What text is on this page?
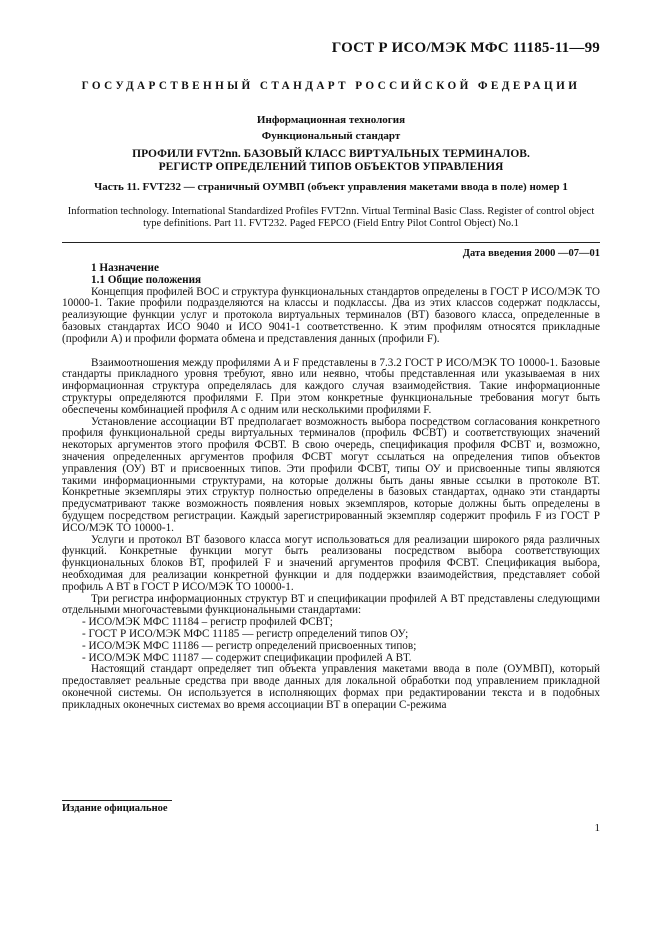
ГОСТ Р ИСО/МЭК МФС 11185-11—99
ГОСУДАРСТВЕННЫЙ СТАНДАРТ РОССИЙСКОЙ ФЕДЕРАЦИИ
Информационная технология
Функциональный стандарт
ПРОФИЛИ FVT2nn. БАЗОВЫЙ КЛАСС ВИРТУАЛЬНЫХ ТЕРМИНАЛОВ.
РЕГИСТР ОПРЕДЕЛЕНИЙ ТИПОВ ОБЪЕКТОВ УПРАВЛЕНИЯ
Часть 11. FVT232 — страничный ОУМВП (объект управления макетами ввода в поле) номер 1
Information technology. International Standardized Profiles FVT2nn. Virtual Terminal Basic Class. Register of control object type definitions. Part 11. FVT232. Paged FEPCO (Field Entry Pilot Control Object) No.1
Дата введения 2000 —07—01

1 Назначение

1.1 Общие положения

Концепция профилей ВОС и структура функциональных стандартов определены в ГОСТ Р ИСО/МЭК ТО 10000-1. Такие профили подразделяются на классы и подклассы. Два из этих классов содержат подклассы, реализующие функции услуг и протокола виртуальных терминалов (ВТ) базового класса, определенные в базовых стандартах ИСО 9040 и ИСО 9041-1 соответственно. К этим профилям относятся прикладные (профили A) и профили формата обмена и представления данных (профили F).

Взаимоотношения между профилями A и F представлены в 7.3.2 ГОСТ Р ИСО/МЭК ТО 10000-1. Базовые стандарты прикладного уровня требуют, явно или неявно, чтобы представленная или указываемая в них информационная структура определялась для каждого случая взаимодействия. Такие информационные структуры определяются профилями F. При этом конкретные функциональные требования могут быть обеспечены комбинацией профиля A с одним или несколькими профилями F.

Установление ассоциации ВТ предполагает возможность выбора посредством согласования конкретного профиля функциональной среды виртуальных терминалов (профиль ФСВТ) и соответствующих значений некоторых аргументов этого профиля ФСВТ. В свою очередь, спецификация профиля ФСВТ и, возможно, значения определенных аргументов профиля ФСВТ могут ссылаться на определения типов объектов управления (ОУ) ВТ и присвоенных типов. Эти профили ФСВТ, типы ОУ и присвоенные типы являются такими информационными структурами, на которые должны быть даны явные ссылки в протоколе ВТ. Конкретные экземпляры этих структур полностью определены в базовых стандартах, однако эти стандарты предусматривают также возможность появления новых экземпляров, которые должны быть определены в будущем посредством регистрации. Каждый зарегистрированный экземпляр содержит профиль F из ГОСТ Р ИСО/МЭК ТО 10000-1.

Услуги и протокол ВТ базового класса могут использоваться для реализации широкого ряда различных функций. Конкретные функции могут быть реализованы посредством выбора соответствующих функциональных блоков ВТ, профилей F и значений аргументов профиля ФСВТ. Спецификация выбора, необходимая для реализации конкретной функции и для поддержки взаимодействия, представляет собой профиль A ВТ в ГОСТ Р ИСО/МЭК ТО 10000-1.

Три регистра информационных структур ВТ и спецификации профилей A ВТ представлены следующими отдельными многочастевыми функциональными стандартами:

- ИСО/МЭК МФС 11184 – регистр профилей ФСВТ;

- ГОСТ Р ИСО/МЭК МФС 11185 — регистр определений типов ОУ;

- ИСО/МЭК МФС 11186 — регистр определений присвоенных типов;

- ИСО/МЭК МФС 11187 — содержит спецификации профилей A ВТ.

Настоящий стандарт определяет тип объекта управления макетами ввода в поле (ОУМВП), который предоставляет реальные средства при вводе данных для локальной обработки под управлением прикладной оконечной системы. Он используется в исполняющих формах при редактировании текста и в подобных прикладных оконечных системах во время ассоциации ВТ в операции С-режима

Издание официальное
1
